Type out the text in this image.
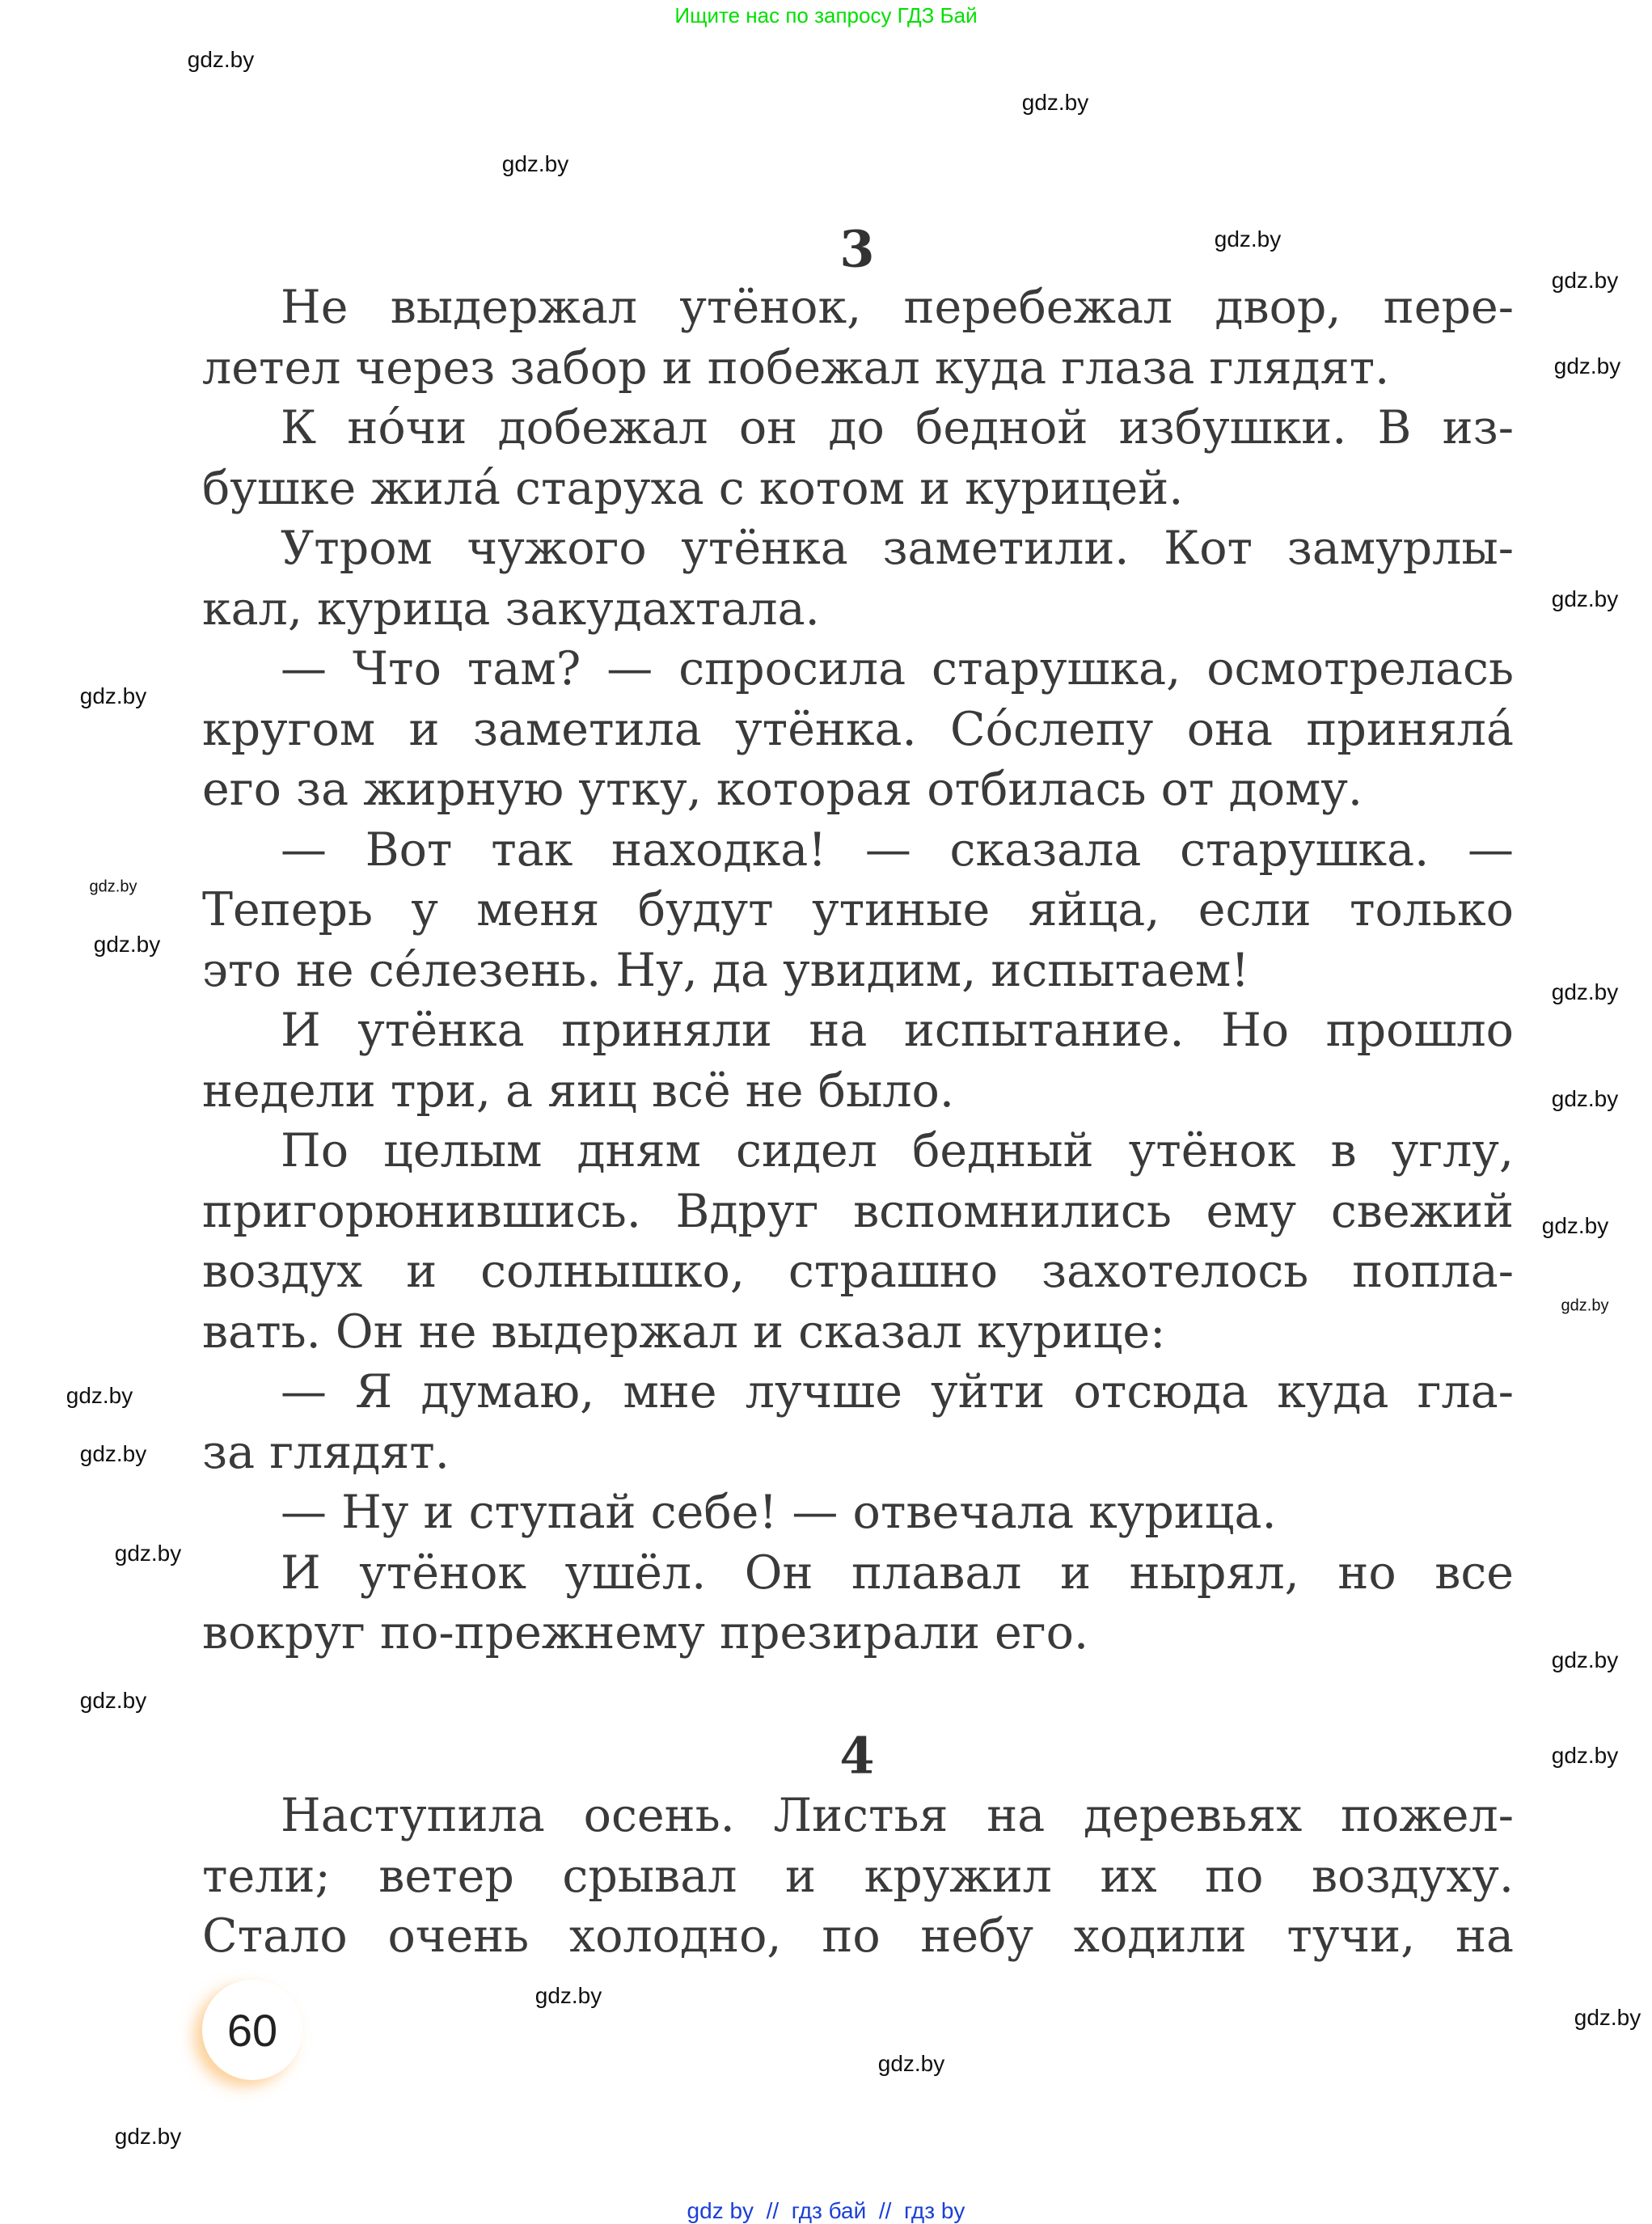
Ищите нас по запросу ГДЗ Бай
3
Не выдержал утёнок, перебежал двор, пере-
летел через забор и побежал куда глаза глядят.
К но́чи добежал он до бедной избушки. В из-
бушке жила́ старуха с котом и курицей.
Утром чужого утёнка заметили. Кот замурлы-
кал, курица закудахтала.
— Что там? — спросила старушка, осмотрелась
кругом и заметила утёнка. Со́слепу она приняла́
его за жирную утку, которая отбилась от дому.
— Вот так находка! — сказала старушка. —
Теперь у меня будут утиные яйца, если только
это не се́лезень. Ну, да увидим, испытаем!
И утёнка приняли на испытание. Но прошло
недели три, а яиц всё не было.
По целым дням сидел бедный утёнок в углу,
пригорюнившись. Вдруг вспомнились ему свежий
воздух и солнышко, страшно захотелось попла-
вать. Он не выдержал и сказал курице:
— Я думаю, мне лучше уйти отсюда куда гла-
за глядят.
— Ну и ступай себе! — отвечала курица.
И утёнок ушёл. Он плавал и нырял, но все
вокруг по-прежнему презирали его.
4
Наступила осень. Листья на деревьях пожел-
тели; ветер срывал и кружил их по воздуху.
Стало очень холодно, по небу ходили тучи, на
60
gdz by // гдз бай // гдз by
gdz.by
gdz.by
gdz.by
gdz.by
gdz.by
gdz.by
gdz.by
gdz.by
gdz.by
gdz.by
gdz.by
gdz.by
gdz.by
gdz.by
gdz.by
gdz.by
gdz.by
gdz.by
gdz.by
gdz.by
gdz.by
gdz.by
gdz.by
gdz.by
